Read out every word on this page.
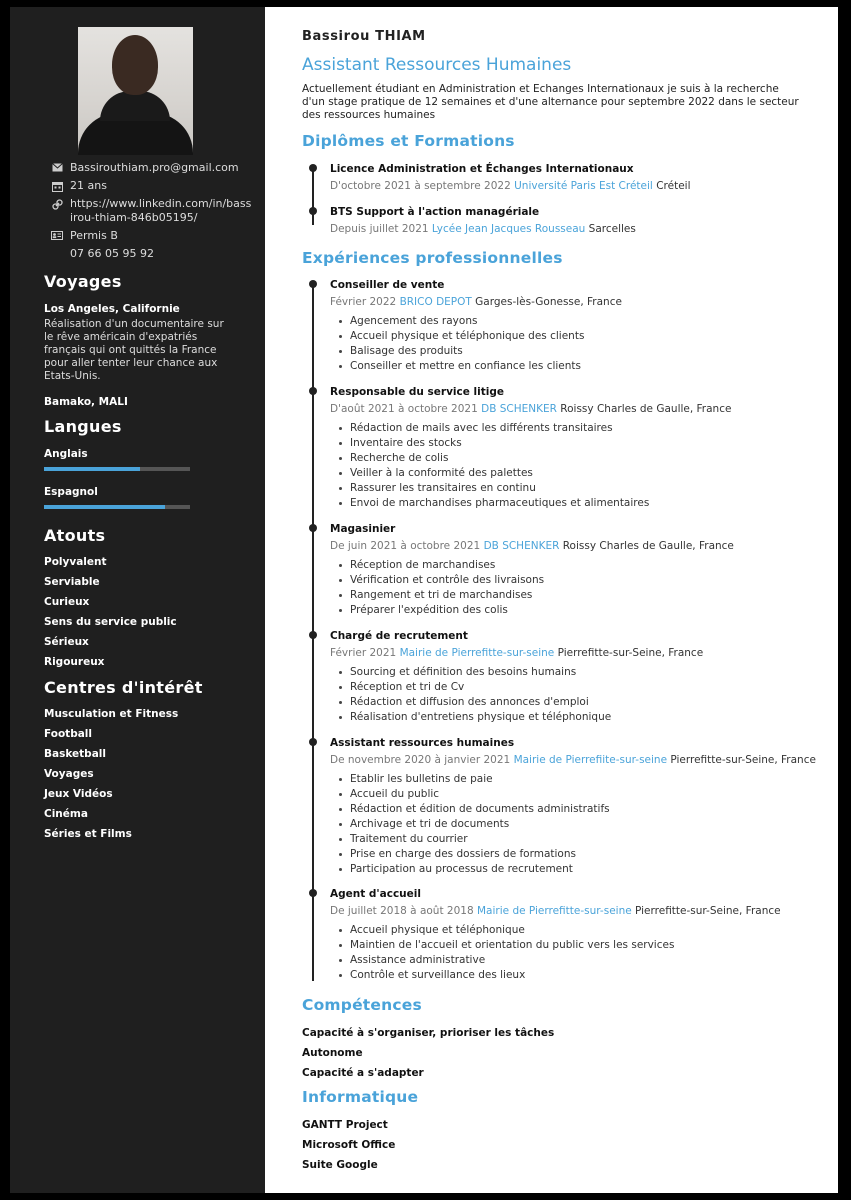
Bassirouthiam.pro@gmail.com
21 ans
https://www.linkedin.com/in/bassirou-thiam-846b05195/
Permis B
07 66 05 95 92
Voyages
Los Angeles, Californie
Réalisation d'un documentaire sur le rêve américain d'expatriés français qui ont quittés la France pour aller tenter leur chance aux Etats-Unis.
Bamako, MALI
Langues
Anglais
Espagnol
Atouts
Polyvalent
Serviable
Curieux
Sens du service public
Sérieux
Rigoureux
Centres d'intérêt
Musculation et Fitness
Football
Basketball
Voyages
Jeux Vidéos
Cinéma
Séries et Films
Bassirou THIAM
Assistant Ressources Humaines
Actuellement étudiant en Administration et Echanges Internationaux je suis à la recherche d'un stage pratique de 12 semaines et d'une alternance pour septembre 2022 dans le secteur des ressources humaines
Diplômes et Formations
Licence Administration et Échanges Internationaux
D'octobre 2021 à septembre 2022 Université Paris Est Créteil Créteil
BTS Support à l'action managériale
Depuis juillet 2021 Lycée Jean Jacques Rousseau Sarcelles
Expériences professionnelles
Conseiller de vente
Février 2022 BRICO DEPOT Garges-lès-Gonesse, France
Agencement des rayons
Accueil physique et téléphonique des clients
Balisage des produits
Conseiller et mettre en confiance les clients
Responsable du service litige
D'août 2021 à octobre 2021 DB SCHENKER Roissy Charles de Gaulle, France
Rédaction de mails avec les différents transitaires
Inventaire des stocks
Recherche de colis
Veiller à la conformité des palettes
Rassurer les transitaires en continu
Envoi de marchandises pharmaceutiques et alimentaires
Magasinier
De juin 2021 à octobre 2021 DB SCHENKER Roissy Charles de Gaulle, France
Réception de marchandises
Vérification et contrôle des livraisons
Rangement et tri de marchandises
Préparer l'expédition des colis
Chargé de recrutement
Février 2021 Mairie de Pierrefitte-sur-seine Pierrefitte-sur-Seine, France
Sourcing et définition des besoins humains
Réception et tri de Cv
Rédaction et diffusion des annonces d'emploi
Réalisation d'entretiens physique et téléphonique
Assistant ressources humaines
De novembre 2020 à janvier 2021 Mairie de Pierrefiite-sur-seine Pierrefitte-sur-Seine, France
Etablir les bulletins de paie
Accueil du public
Rédaction et édition de documents administratifs
Archivage et tri de documents
Traitement du courrier
Prise en charge des dossiers de formations
Participation au processus de recrutement
Agent d'accueil
De juillet 2018 à août 2018 Mairie de Pierrefitte-sur-seine Pierrefitte-sur-Seine, France
Accueil physique et téléphonique
Maintien de l'accueil et orientation du public vers les services
Assistance administrative
Contrôle et surveillance des lieux
Compétences
Capacité à s'organiser, prioriser les tâches
Autonome
Capacité a s'adapter
Informatique
GANTT Project
Microsoft Office
Suite Google
